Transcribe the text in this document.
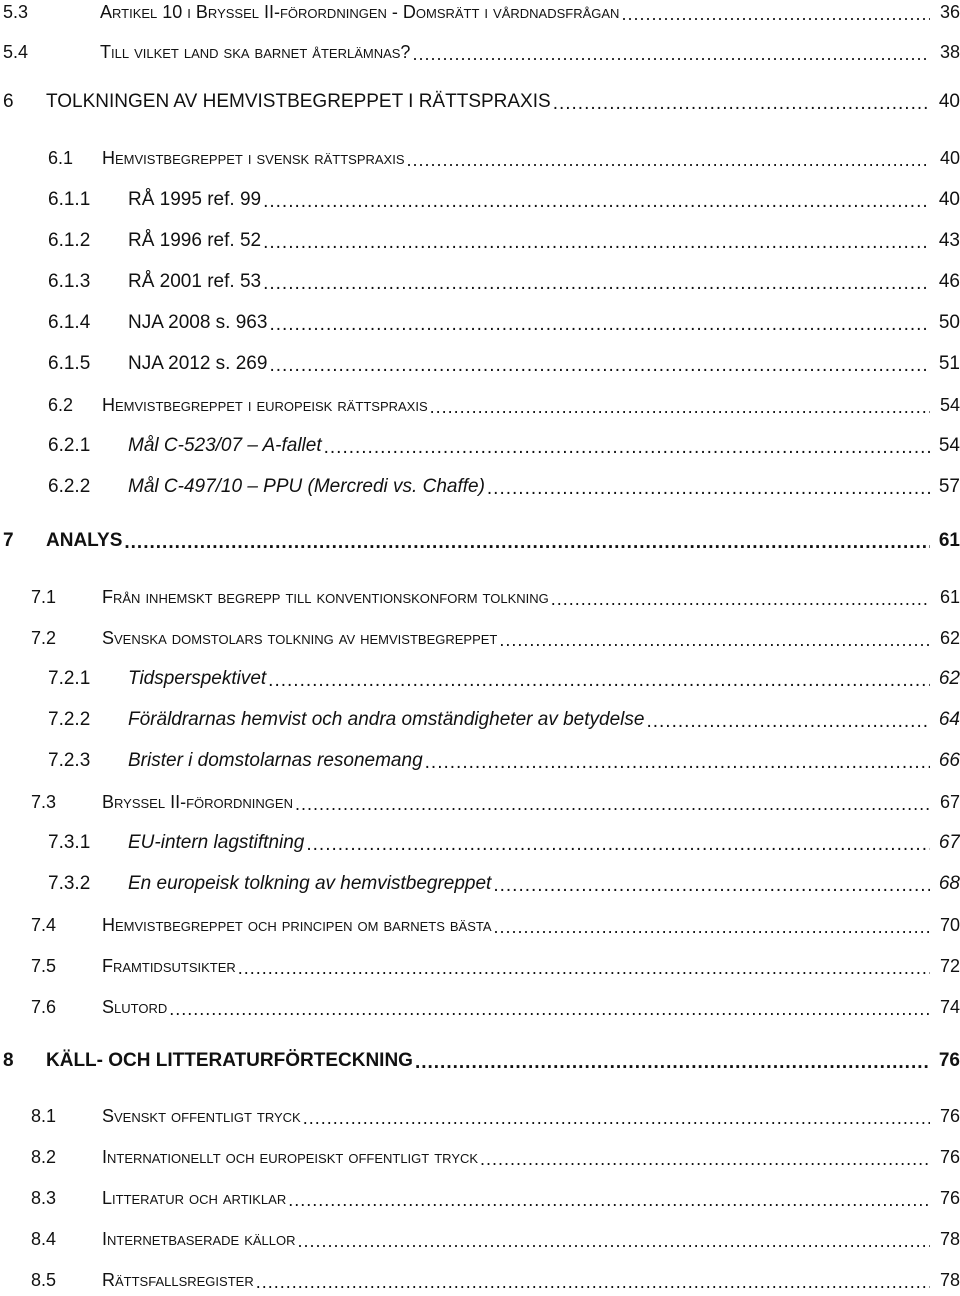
5.3	Artikel 10 i Bryssel II-förordningen - Domsrätt i vårdnadsfrågan .....	36
5.4	Till vilket land ska barnet återlämnas? .....	38
6	TOLKNINGEN AV HEMVISTBEGREPPET I RÄTTSPRAXIS .....	40
6.1	Hemvistbegreppet i svensk rättspraxis .....	40
6.1.1	RÅ 1995 ref. 99 .....	40
6.1.2	RÅ 1996 ref. 52 .....	43
6.1.3	RÅ 2001 ref. 53 .....	46
6.1.4	NJA 2008 s. 963 .....	50
6.1.5	NJA 2012 s. 269 .....	51
6.2	Hemvistbegreppet i europeisk rättspraxis .....	54
6.2.1	Mål C-523/07 – A-fallet .....	54
6.2.2	Mål C-497/10 – PPU (Mercredi vs. Chaffe) .....	57
7	ANALYS .....	61
7.1	Från inhemskt begrepp till konventionskonform tolkning .....	61
7.2	Svenska domstolars tolkning av hemvistbegreppet .....	62
7.2.1	Tidsperspektivet .....	62
7.2.2	Föräldrarnas hemvist och andra omständigheter av betydelse .....	64
7.2.3	Brister i domstolarnas resonemang .....	66
7.3	Bryssel II-förordningen .....	67
7.3.1	EU-intern lagstiftning .....	67
7.3.2	En europeisk tolkning av hemvistbegreppet .....	68
7.4	Hemvistbegreppet och principen om barnets bästa .....	70
7.5	Framtidsutsikter .....	72
7.6	Slutord .....	74
8	KÄLL- OCH LITTERATURFÖRTECKNING .....	76
8.1	Svenskt offentligt tryck .....	76
8.2	Internationellt och europeiskt offentligt tryck .....	76
8.3	Litteratur och artiklar .....	76
8.4	Internetbaserade källor .....	78
8.5	Rättsfallsregister .....	78
